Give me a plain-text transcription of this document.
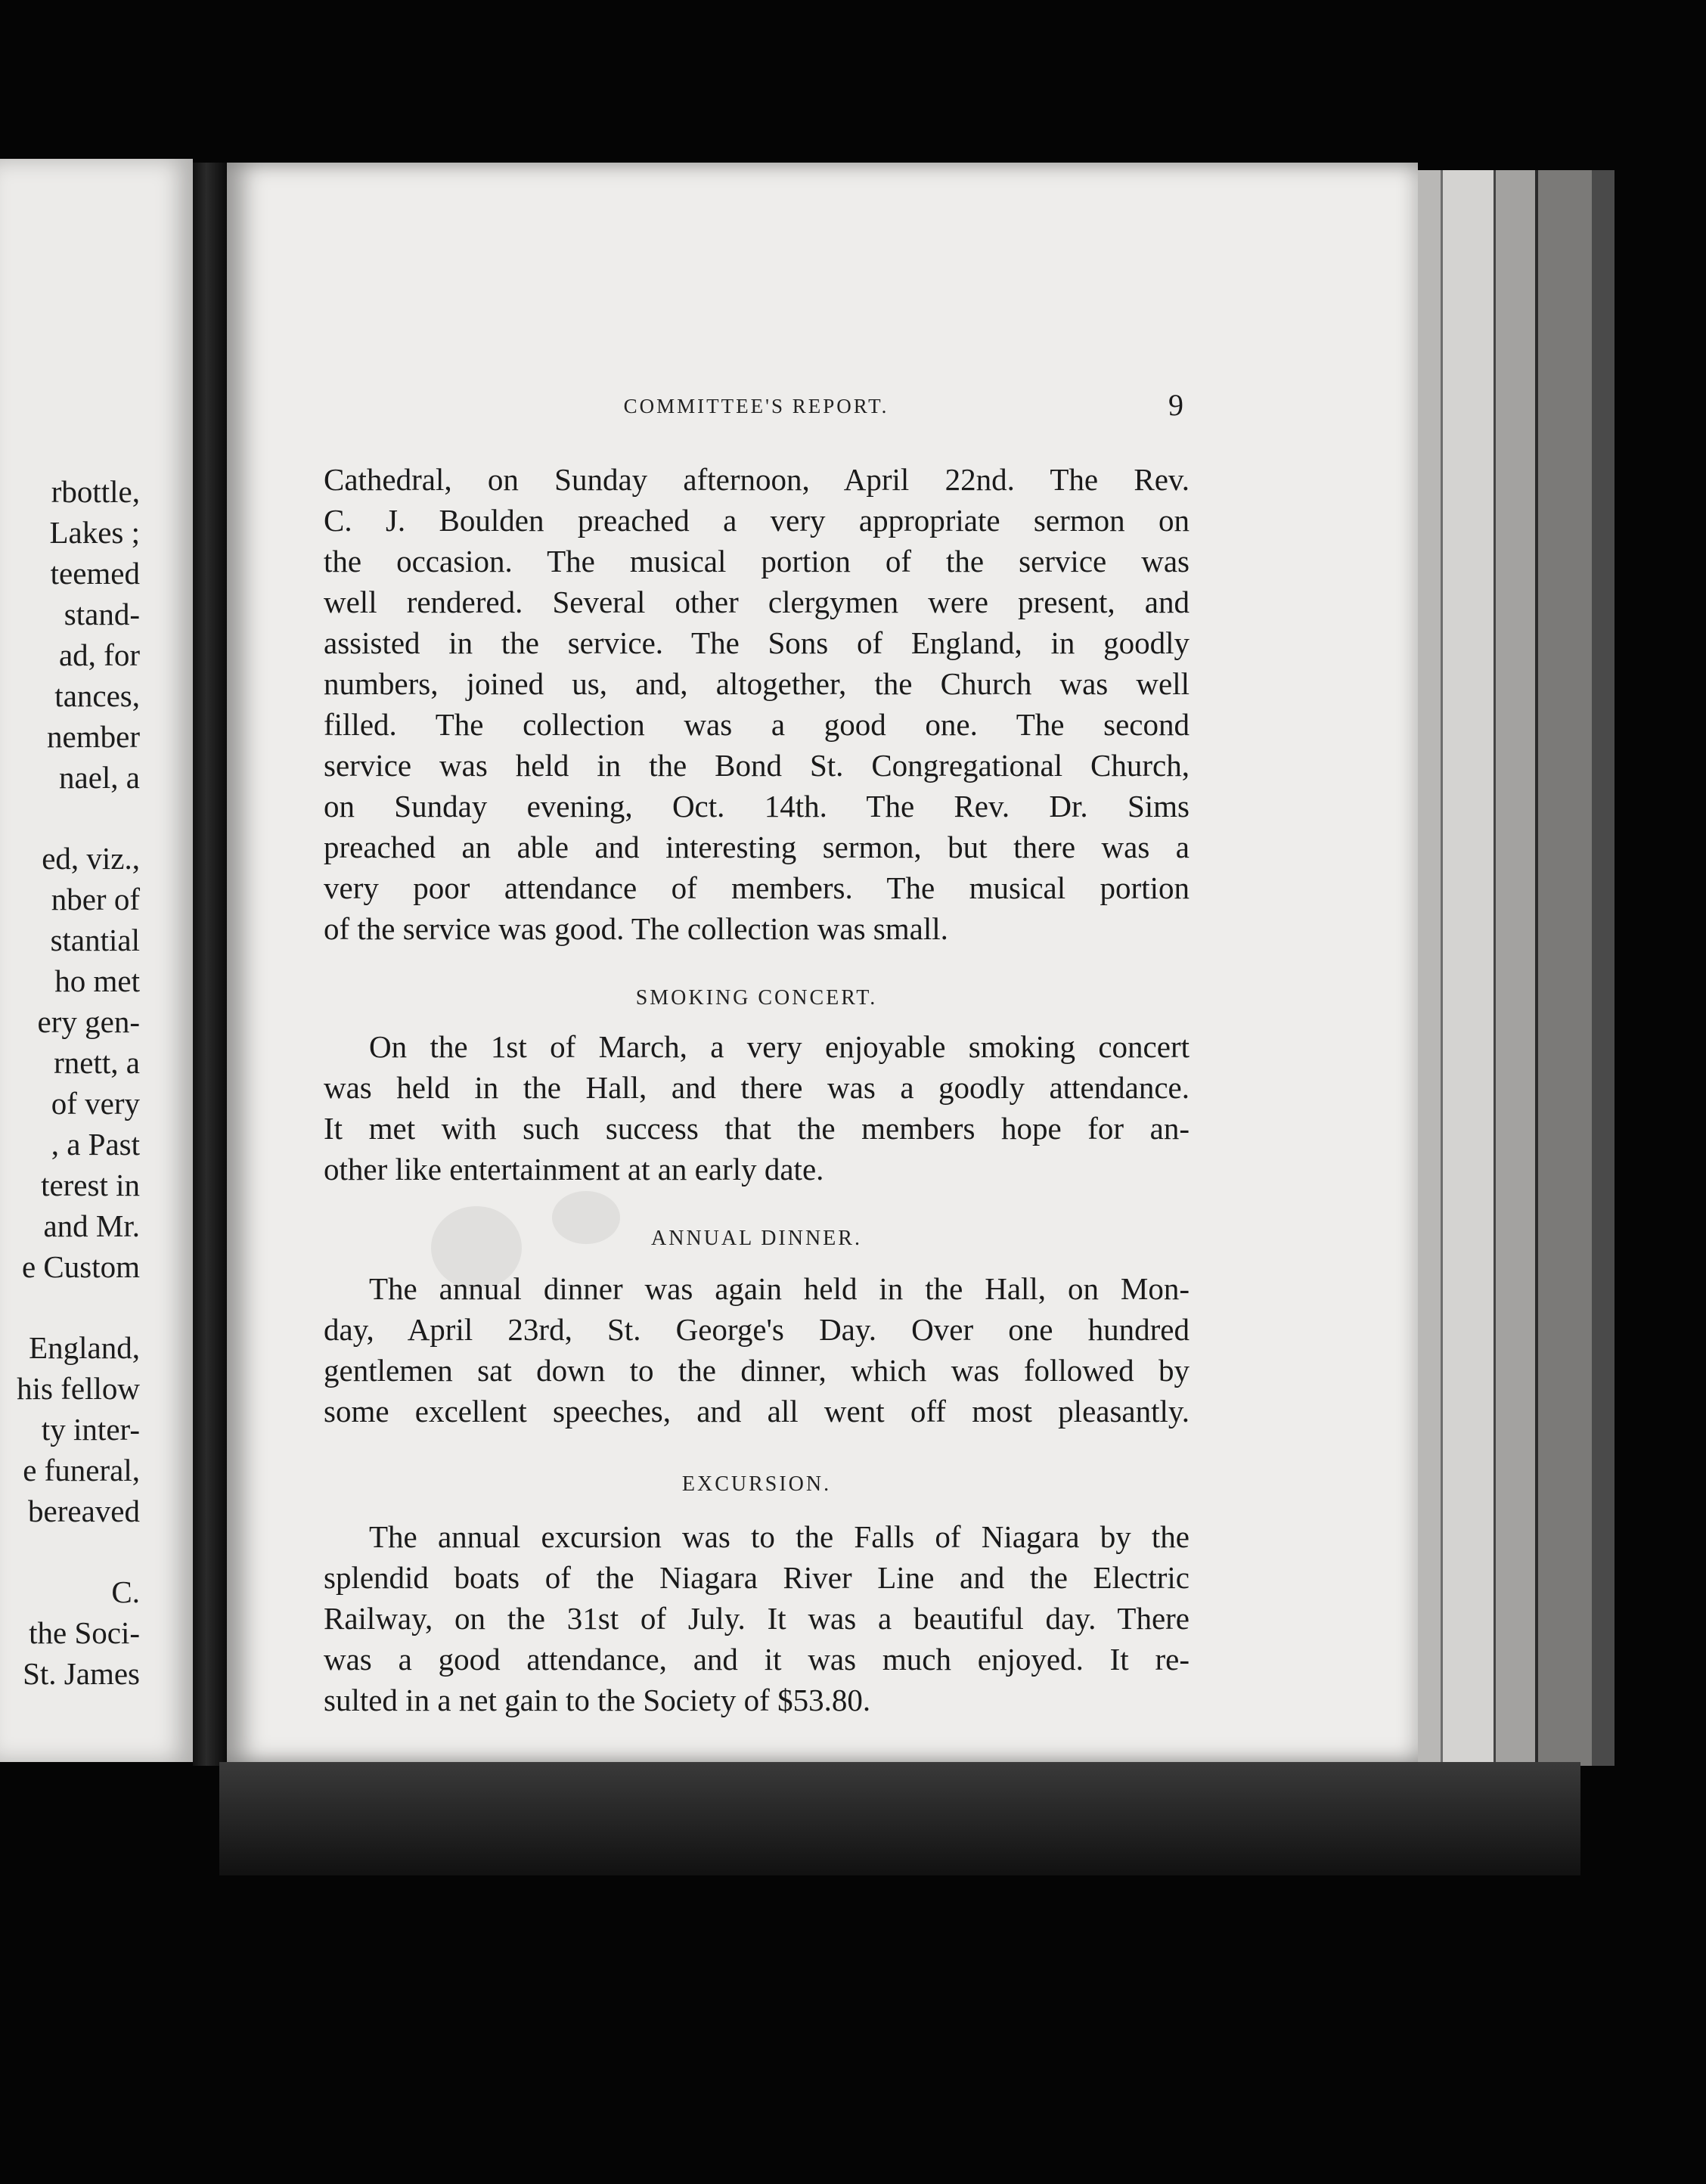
rbottle,
Lakes ;
teemed
stand-
ad, for
tances,
nember
nael, a
ed, viz.,
nber of
stantial
ho met
ery gen-
rnett, a
of very
, a Past
terest in
and Mr.
e Custom
England,
his fellow
ty inter-
e funeral,
bereaved
C.
the Soci-
St. James
COMMITTEE'S REPORT.	9
Cathedral, on Sunday afternoon, April 22nd. The Rev.
C. J. Boulden preached a very appropriate sermon on
the occasion. The musical portion of the service was
well rendered. Several other clergymen were present, and
assisted in the service. The Sons of England, in goodly
numbers, joined us, and, altogether, the Church was well
filled. The collection was a good one. The second
service was held in the Bond St. Congregational Church,
on Sunday evening, Oct. 14th. The Rev. Dr. Sims
preached an able and interesting sermon, but there was a
very poor attendance of members. The musical portion
of the service was good. The collection was small.
SMOKING CONCERT.
On the 1st of March, a very enjoyable smoking concert
was held in the Hall, and there was a goodly attendance.
It met with such success that the members hope for an-
other like entertainment at an early date.
ANNUAL DINNER.
The annual dinner was again held in the Hall, on Mon-
day, April 23rd, St. George's Day. Over one hundred
gentlemen sat down to the dinner, which was followed by
some excellent speeches, and all went off most pleasantly.
EXCURSION.
The annual excursion was to the Falls of Niagara by the
splendid boats of the Niagara River Line and the Electric
Railway, on the 31st of July. It was a beautiful day. There
was a good attendance, and it was much enjoyed. It re-
sulted in a net gain to the Society of $53.80.
